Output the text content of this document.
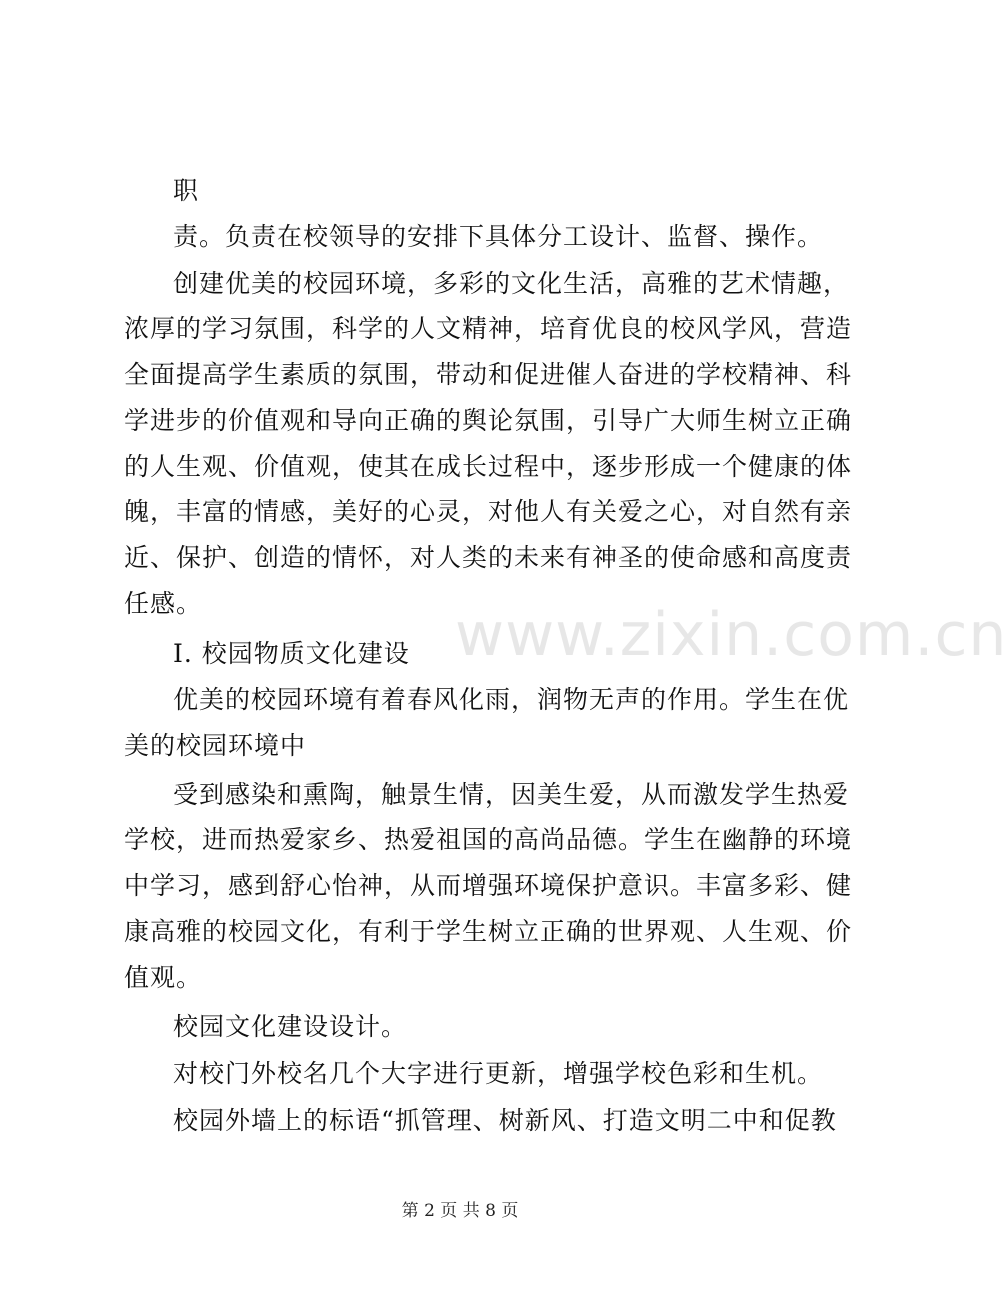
职
责。负责在校领导的安排下具体分工设计、监督、操作。
创建优美的校园环境，多彩的文化生活，高雅的艺术情趣，
浓厚的学习氛围，科学的人文精神，培育优良的校风学风，营造
全面提高学生素质的氛围，带动和促进催人奋进的学校精神、科
学进步的价值观和导向正确的舆论氛围，引导广大师生树立正确
的人生观、价值观，使其在成长过程中，逐步形成一个健康的体
魄，丰富的情感，美好的心灵，对他人有关爱之心，对自然有亲
近、保护、创造的情怀，对人类的未来有神圣的使命感和高度责
任感。
Ⅰ. 校园物质文化建设
优美的校园环境有着春风化雨，润物无声的作用。学生在优
美的校园环境中
受到感染和熏陶，触景生情，因美生爱，从而激发学生热爱
学校，进而热爱家乡、热爱祖国的高尚品德。学生在幽静的环境
中学习，感到舒心怡神，从而增强环境保护意识。丰富多彩、健
康高雅的校园文化，有利于学生树立正确的世界观、人生观、价
值观。
校园文化建设设计。
对校门外校名几个大字进行更新，增强学校色彩和生机。
校园外墙上的标语“抓管理、树新风、打造文明二中和促教
www.zixin.com.cn
第 2 页 共 8 页
